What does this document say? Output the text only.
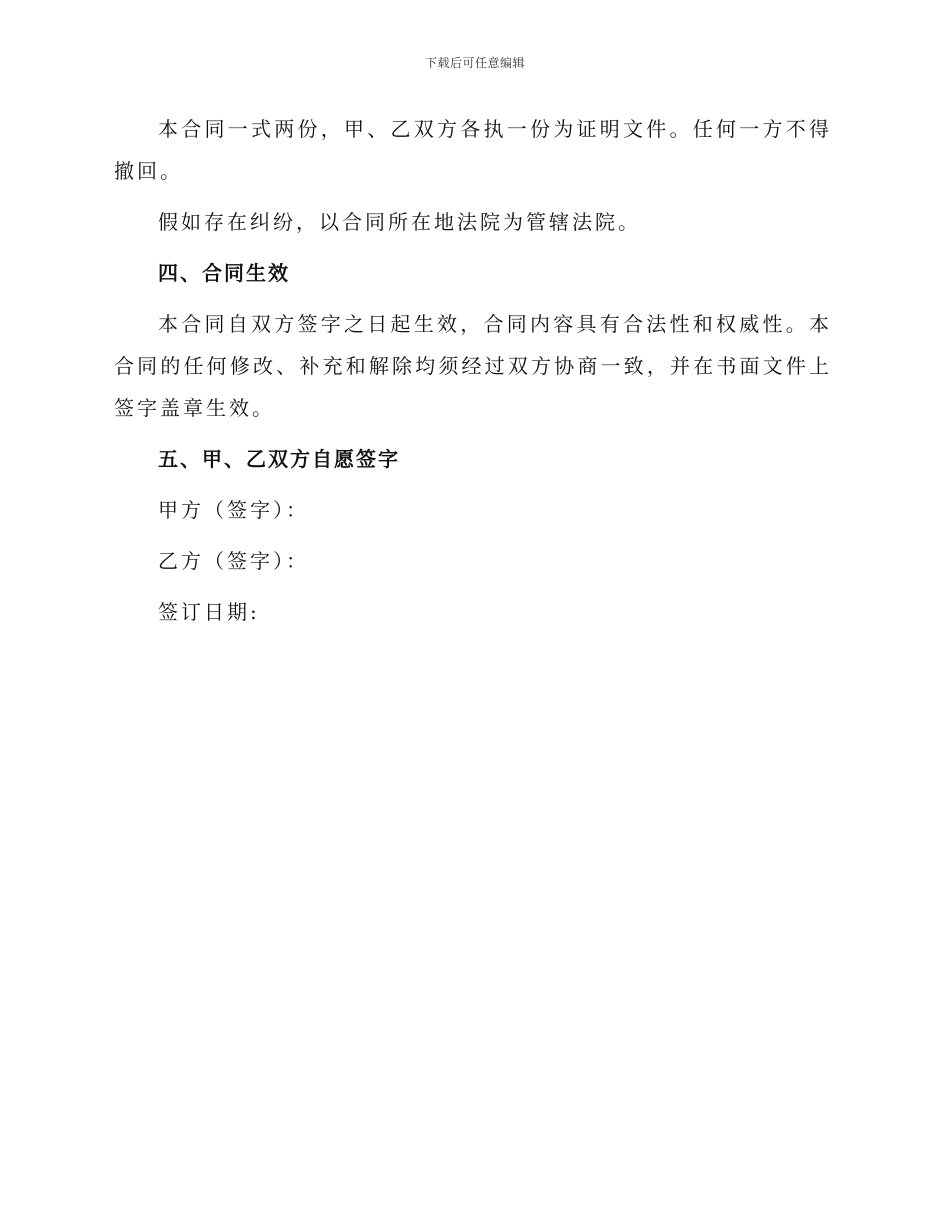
下载后可任意编辑

本合同一式两份，甲、乙双方各执一份为证明文件。任何一方不得撤回。

假如存在纠纷，以合同所在地法院为管辖法院。

四、合同生效

本合同自双方签字之日起生效，合同内容具有合法性和权威性。本合同的任何修改、补充和解除均须经过双方协商一致，并在书面文件上签字盖章生效。

五、甲、乙双方自愿签字

甲方（签字）：

乙方（签字）：

签订日期:
